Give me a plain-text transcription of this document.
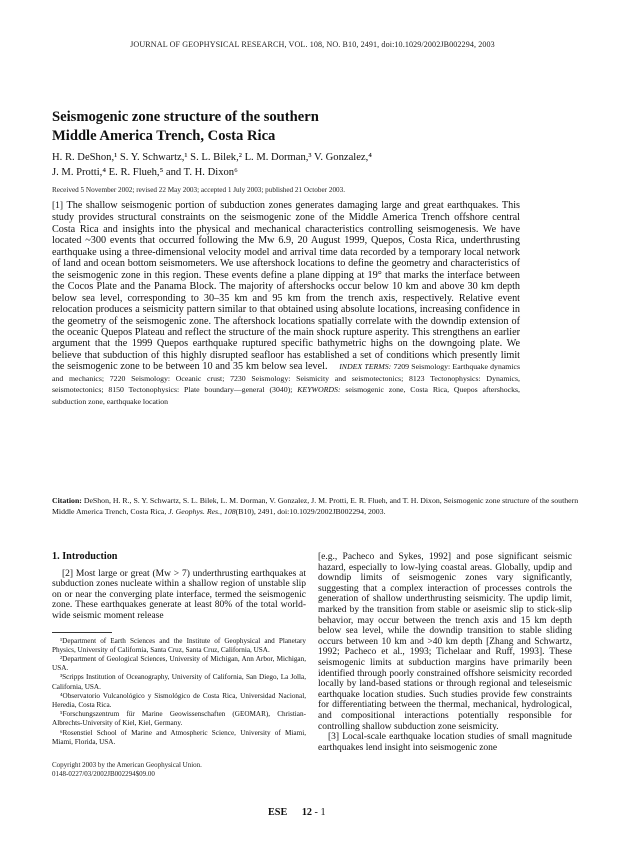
JOURNAL OF GEOPHYSICAL RESEARCH, VOL. 108, NO. B10, 2491, doi:10.1029/2002JB002294, 2003
Seismogenic zone structure of the southern
Middle America Trench, Costa Rica
H. R. DeShon,¹ S. Y. Schwartz,¹ S. L. Bilek,² L. M. Dorman,³ V. Gonzalez,⁴
J. M. Protti,⁴ E. R. Flueh,⁵ and T. H. Dixon⁶
Received 5 November 2002; revised 22 May 2003; accepted 1 July 2003; published 21 October 2003.
[1] The shallow seismogenic portion of subduction zones generates damaging large and great earthquakes. This study provides structural constraints on the seismogenic zone of the Middle America Trench offshore central Costa Rica and insights into the physical and mechanical characteristics controlling seismogenesis. We have located ~300 events that occurred following the Mw 6.9, 20 August 1999, Quepos, Costa Rica, underthrusting earthquake using a three-dimensional velocity model and arrival time data recorded by a temporary local network of land and ocean bottom seismometers. We use aftershock locations to define the geometry and characteristics of the seismogenic zone in this region. These events define a plane dipping at 19° that marks the interface between the Cocos Plate and the Panama Block. The majority of aftershocks occur below 10 km and above 30 km depth below sea level, corresponding to 30–35 km and 95 km from the trench axis, respectively. Relative event relocation produces a seismicity pattern similar to that obtained using absolute locations, increasing confidence in the geometry of the seismogenic zone. The aftershock locations spatially correlate with the downdip extension of the oceanic Quepos Plateau and reflect the structure of the main shock rupture asperity. This strengthens an earlier argument that the 1999 Quepos earthquake ruptured specific bathymetric highs on the downgoing plate. We believe that subduction of this highly disrupted seafloor has established a set of conditions which presently limit the seismogenic zone to be between 10 and 35 km below sea level. INDEX TERMS: 7209 Seismology: Earthquake dynamics and mechanics; 7220 Seismology: Oceanic crust; 7230 Seismology: Seismicity and seismotectonics; 8123 Tectonophysics: Dynamics, seismotectonics; 8150 Tectonophysics: Plate boundary—general (3040); KEYWORDS: seismogenic zone, Costa Rica, Quepos aftershocks, subduction zone, earthquake location
Citation: DeShon, H. R., S. Y. Schwartz, S. L. Bilek, L. M. Dorman, V. Gonzalez, J. M. Protti, E. R. Flueh, and T. H. Dixon, Seismogenic zone structure of the southern Middle America Trench, Costa Rica, J. Geophys. Res., 108(B10), 2491, doi:10.1029/2002JB002294, 2003.
1. Introduction

[2] Most large or great (Mw > 7) underthrusting earthquakes at subduction zones nucleate within a shallow region of unstable slip on or near the converging plate interface, termed the seismogenic zone. These earthquakes generate at least 80% of the total world-wide seismic moment release

¹Department of Earth Sciences and the Institute of Geophysical and Planetary Physics, University of California, Santa Cruz, Santa Cruz, California, USA.
²Department of Geological Sciences, University of Michigan, Ann Arbor, Michigan, USA.
³Scripps Institution of Oceanography, University of California, San Diego, La Jolla, California, USA.
⁴Observatorio Vulcanológico y Sismológico de Costa Rica, Universidad Nacional, Heredia, Costa Rica.
⁵Forschungszentrum für Marine Geowissenschaften (GEOMAR), Christian-Albrechts-University of Kiel, Kiel, Germany.
⁶Rosenstiel School of Marine and Atmospheric Science, University of Miami, Miami, Florida, USA.
Copyright 2003 by the American Geophysical Union.
0148-0227/03/2002JB002294$09.00

[e.g., Pacheco and Sykes, 1992] and pose significant seismic hazard, especially to low-lying coastal areas. Globally, updip and downdip limits of seismogenic zones vary significantly, suggesting that a complex interaction of processes controls the generation of shallow underthrusting seismicity. The updip limit, marked by the transition from stable or aseismic slip to stick-slip behavior, may occur between the trench axis and 15 km depth below sea level, while the downdip transition to stable sliding occurs between 10 km and >40 km depth [Zhang and Schwartz, 1992; Pacheco et al., 1993; Tichelaar and Ruff, 1993]. These seismogenic limits at subduction margins have primarily been identified through poorly constrained offshore seismicity recorded locally by land-based stations or through regional and teleseismic earthquake location studies. Such studies provide few constraints for differentiating between the thermal, mechanical, hydrological, and compositional interactions potentially responsible for controlling shallow subduction zone seismicity.

[3] Local-scale earthquake location studies of small magnitude earthquakes lend insight into seismogenic zone

ESE 12 - 1
